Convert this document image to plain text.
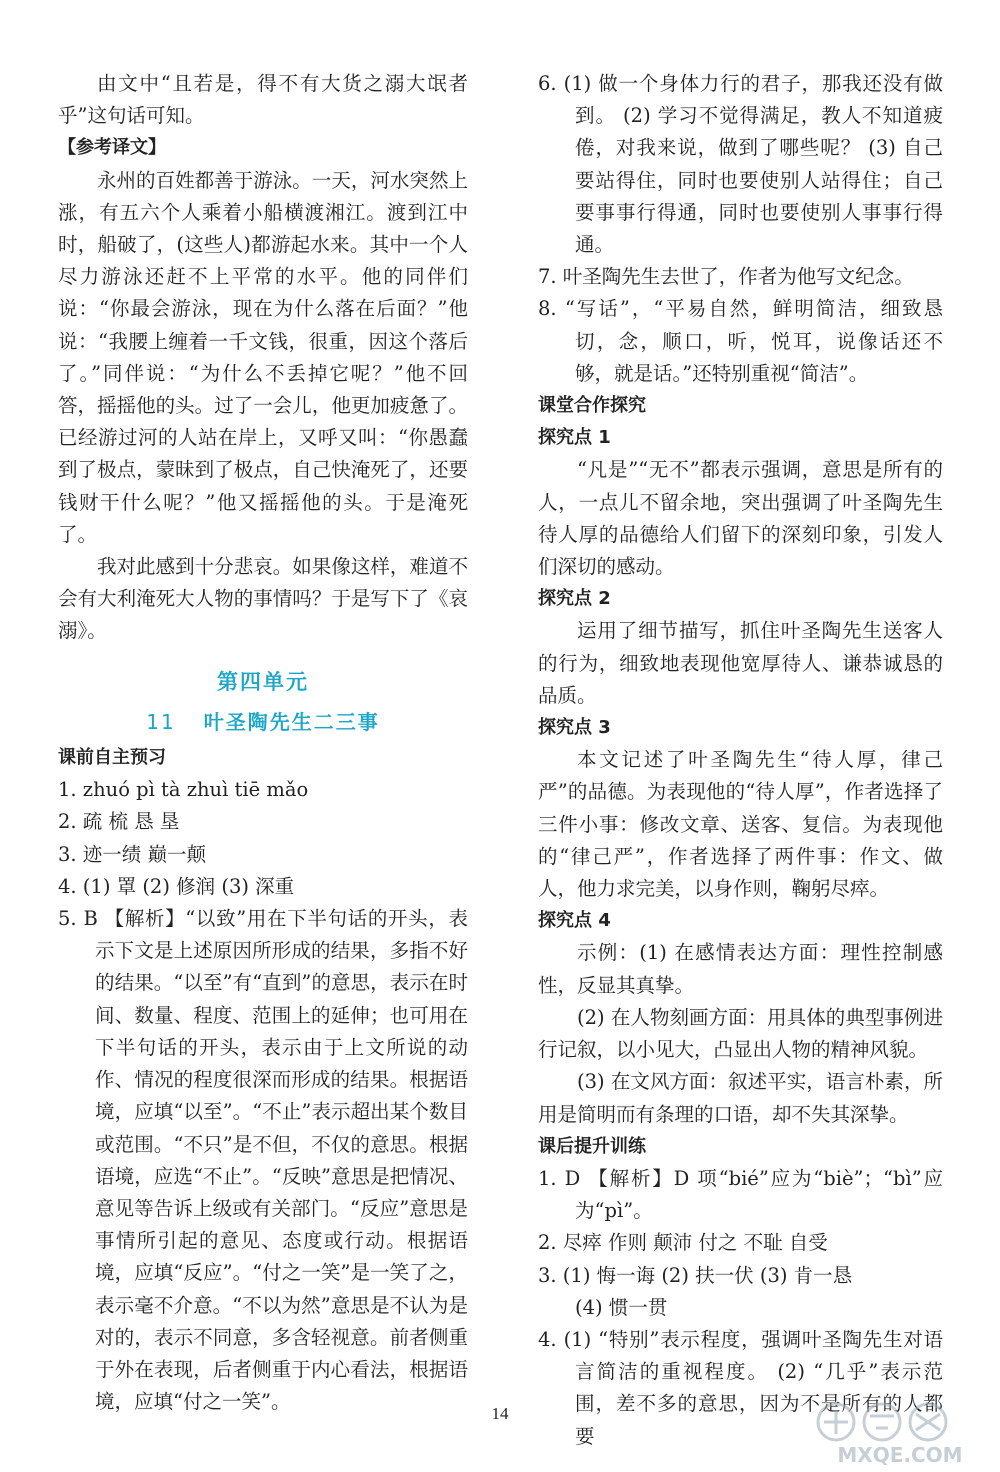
由文中“且若是，得不有大货之溺大氓者乎”这句话可知。

【参考译文】

永州的百姓都善于游泳。一天，河水突然上涨，有五六个人乘着小船横渡湘江。渡到江中时，船破了，(这些人)都游起水来。其中一个人尽力游泳还赶不上平常的水平。他的同伴们说：“你最会游泳，现在为什么落在后面？”他说：“我腰上缠着一千文钱，很重，因这个落后了。”同伴说：“为什么不丢掉它呢？”他不回答，摇摇他的头。过了一会儿，他更加疲惫了。已经游过河的人站在岸上，又呼又叫：“你愚蠢到了极点，蒙昧到了极点，自己快淹死了，还要钱财干什么呢？”他又摇摇他的头。于是淹死了。

我对此感到十分悲哀。如果像这样，难道不会有大利淹死大人物的事情吗？于是写下了《哀溺》。

第四单元

11 叶圣陶先生二三事

课前自主预习

1. zhuó pì tà zhuì tiē mǎo

2. 疏 梳 恳 垦

3. 迹一绩 巅一颠

4. (1) 罩 (2) 修润 (3) 深重

5. B 【解析】“以致”用在下半句话的开头，表示下文是上述原因所形成的结果，多指不好的结果。“以至”有“直到”的意思，表示在时间、数量、程度、范围上的延伸；也可用在下半句话的开头，表示由于上文所说的动作、情况的程度很深而形成的结果。根据语境，应填“以至”。“不止”表示超出某个数目或范围。“不只”是不但，不仅的意思。根据语境，应选“不止”。“反映”意思是把情况、意见等告诉上级或有关部门。“反应”意思是事情所引起的意见、态度或行动。根据语境，应填“反应”。“付之一笑”是一笑了之，表示毫不介意。“不以为然”意思是不认为是对的，表示不同意，多含轻视意。前者侧重于外在表现，后者侧重于内心看法，根据语境，应填“付之一笑”。

6. (1) 做一个身体力行的君子，那我还没有做到。 (2) 学习不觉得满足，教人不知道疲倦，对我来说，做到了哪些呢？ (3) 自己要站得住，同时也要使别人站得住；自己要事事行得通，同时也要使别人事事行得通。

7. 叶圣陶先生去世了，作者为他写文纪念。

8. “写话”，“平易自然，鲜明简洁，细致恳切，念，顺口，听，悦耳，说像话还不够，就是话。”还特别重视“简洁”。

课堂合作探究

探究点 1

“凡是”“无不”都表示强调，意思是所有的人，一点儿不留余地，突出强调了叶圣陶先生待人厚的品德给人们留下的深刻印象，引发人们深切的感动。

探究点 2

运用了细节描写，抓住叶圣陶先生送客人的行为，细致地表现他宽厚待人、谦恭诚恳的品质。

探究点 3

本文记述了叶圣陶先生“待人厚，律己严”的品德。为表现他的“待人厚”，作者选择了三件小事：修改文章、送客、复信。为表现他的“律己严”，作者选择了两件事：作文、做人，他力求完美，以身作则，鞠躬尽瘁。

探究点 4

示例：(1) 在感情表达方面：理性控制感性，反显其真挚。

(2) 在人物刻画方面：用具体的典型事例进行记叙，以小见大，凸显出人物的精神风貌。

(3) 在文风方面：叙述平实，语言朴素，所用是简明而有条理的口语，却不失其深挚。

课后提升训练

1. D 【解析】D 项“bié”应为“biè”；“bì”应为“pì”。

2. 尽瘁 作则 颠沛 付之 不耻 自受

3. (1) 悔一诲 (2) 扶一伏 (3) 肯一恳

(4) 惯一贯

4. (1) “特别”表示程度，强调叶圣陶先生对语言简洁的重视程度。 (2) “几乎”表示范围，差不多的意思，因为不是所有的人都要

14
MXQE.COM
